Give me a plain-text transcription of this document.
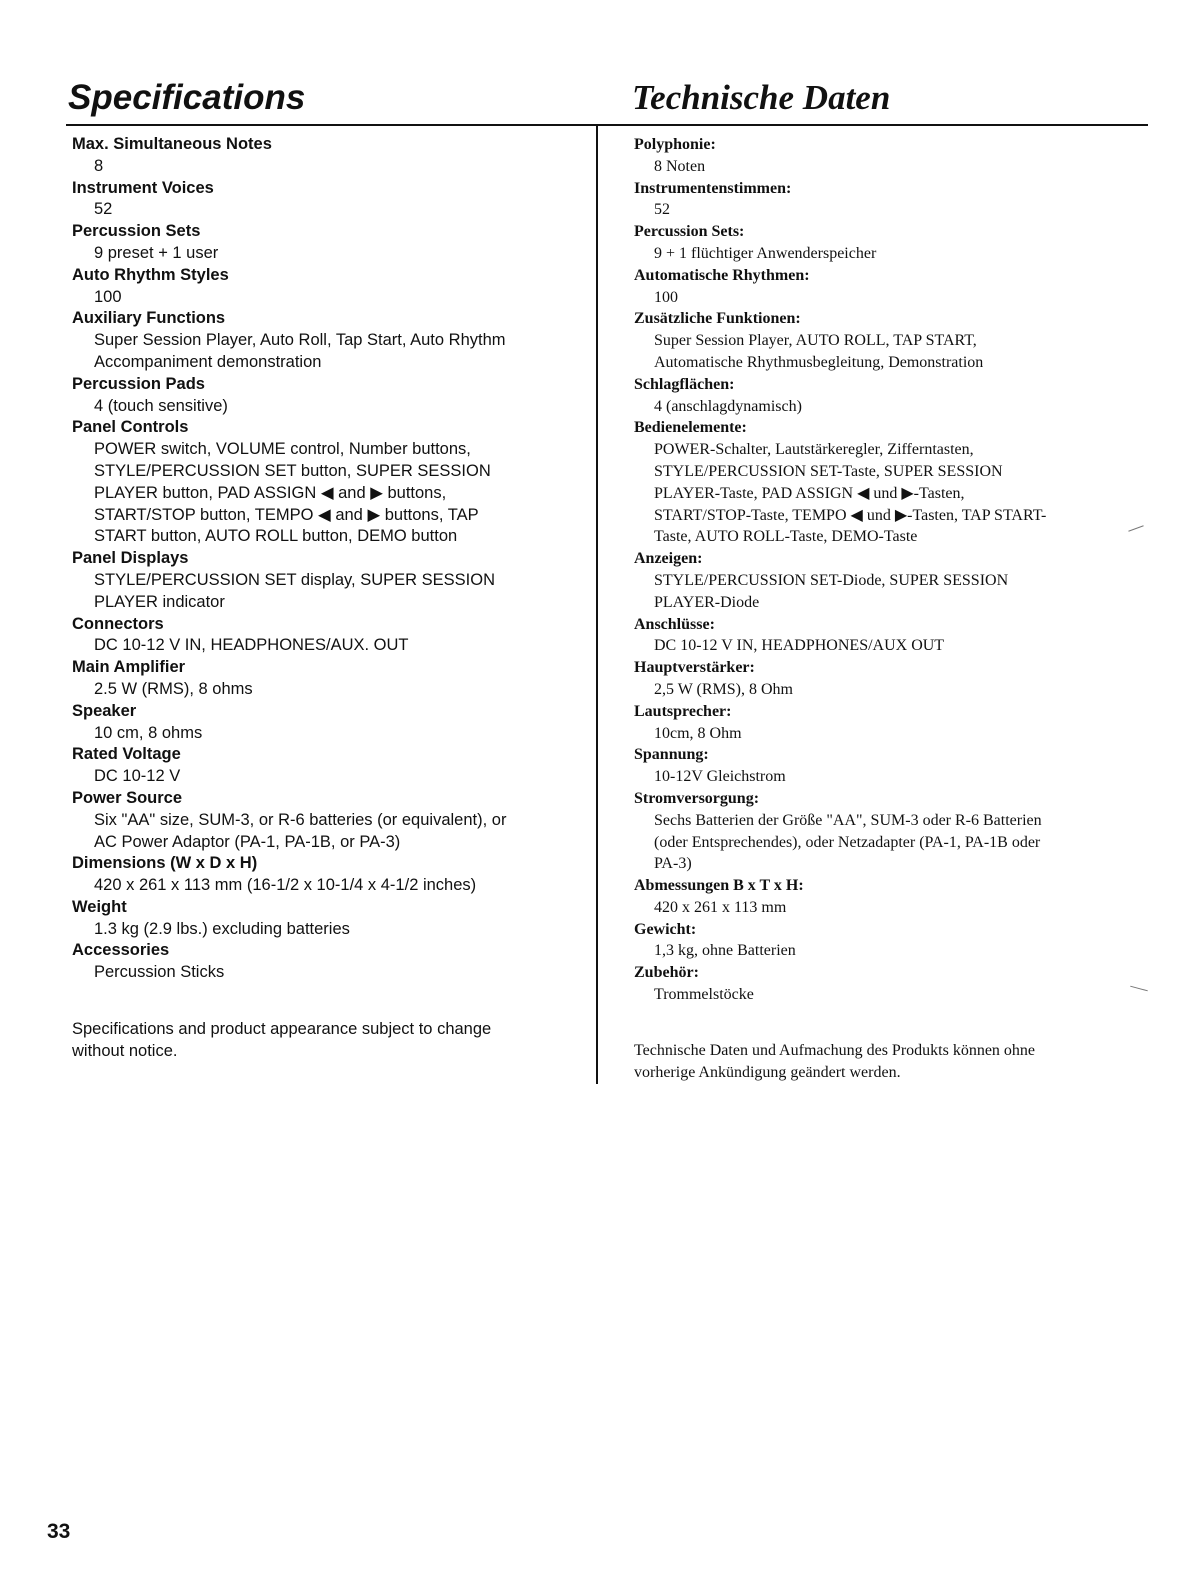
Specifications	Technische Daten
Max. Simultaneous Notes
8
Instrument Voices
52
Percussion Sets
9 preset + 1 user
Auto Rhythm Styles
100
Auxiliary Functions
Super Session Player, Auto Roll, Tap Start, Auto Rhythm
Accompaniment demonstration
Percussion Pads
4 (touch sensitive)
Panel Controls
POWER switch, VOLUME control, Number buttons,
STYLE/PERCUSSION SET button, SUPER SESSION
PLAYER button, PAD ASSIGN ◀ and ▶ buttons,
START/STOP button, TEMPO ◀ and ▶ buttons, TAP
START button, AUTO ROLL button, DEMO button
Panel Displays
STYLE/PERCUSSION SET display, SUPER SESSION
PLAYER indicator
Connectors
DC 10-12 V IN, HEADPHONES/AUX. OUT
Main Amplifier
2.5 W (RMS), 8 ohms
Speaker
10 cm, 8 ohms
Rated Voltage
DC 10-12 V
Power Source
Six "AA" size, SUM-3, or R-6 batteries (or equivalent), or
AC Power Adaptor (PA-1, PA-1B, or PA-3)
Dimensions (W x D x H)
420 x 261 x 113 mm (16-1/2 x 10-1/4 x 4-1/2 inches)
Weight
1.3 kg (2.9 lbs.) excluding batteries
Accessories
Percussion Sticks
Specifications and product appearance subject to change
without notice.
Polyphonie:
8 Noten
Instrumentenstimmen:
52
Percussion Sets:
9 + 1 flüchtiger Anwenderspeicher
Automatische Rhythmen:
100
Zusätzliche Funktionen:
Super Session Player, AUTO ROLL, TAP START,
Automatische Rhythmusbegleitung, Demonstration
Schlagflächen:
4 (anschlagdynamisch)
Bedienelemente:
POWER-Schalter, Lautstärkeregler, Zifferntasten,
STYLE/PERCUSSION SET-Taste, SUPER SESSION
PLAYER-Taste, PAD ASSIGN ◀ und ▶-Tasten,
START/STOP-Taste, TEMPO ◀ und ▶-Tasten, TAP START-
Taste, AUTO ROLL-Taste, DEMO-Taste
Anzeigen:
STYLE/PERCUSSION SET-Diode, SUPER SESSION
PLAYER-Diode
Anschlüsse:
DC 10-12 V IN, HEADPHONES/AUX OUT
Hauptverstärker:
2,5 W (RMS), 8 Ohm
Lautsprecher:
10cm, 8 Ohm
Spannung:
10-12V Gleichstrom
Stromversorgung:
Sechs Batterien der Größe "AA", SUM-3 oder R-6 Batterien
(oder Entsprechendes), oder Netzadapter (PA-1, PA-1B oder
PA-3)
Abmessungen B x T x H:
420 x 261 x 113 mm
Gewicht:
1,3 kg, ohne Batterien
Zubehör:
Trommelstöcke
Technische Daten und Aufmachung des Produkts können ohne
vorherige Ankündigung geändert werden.
33
